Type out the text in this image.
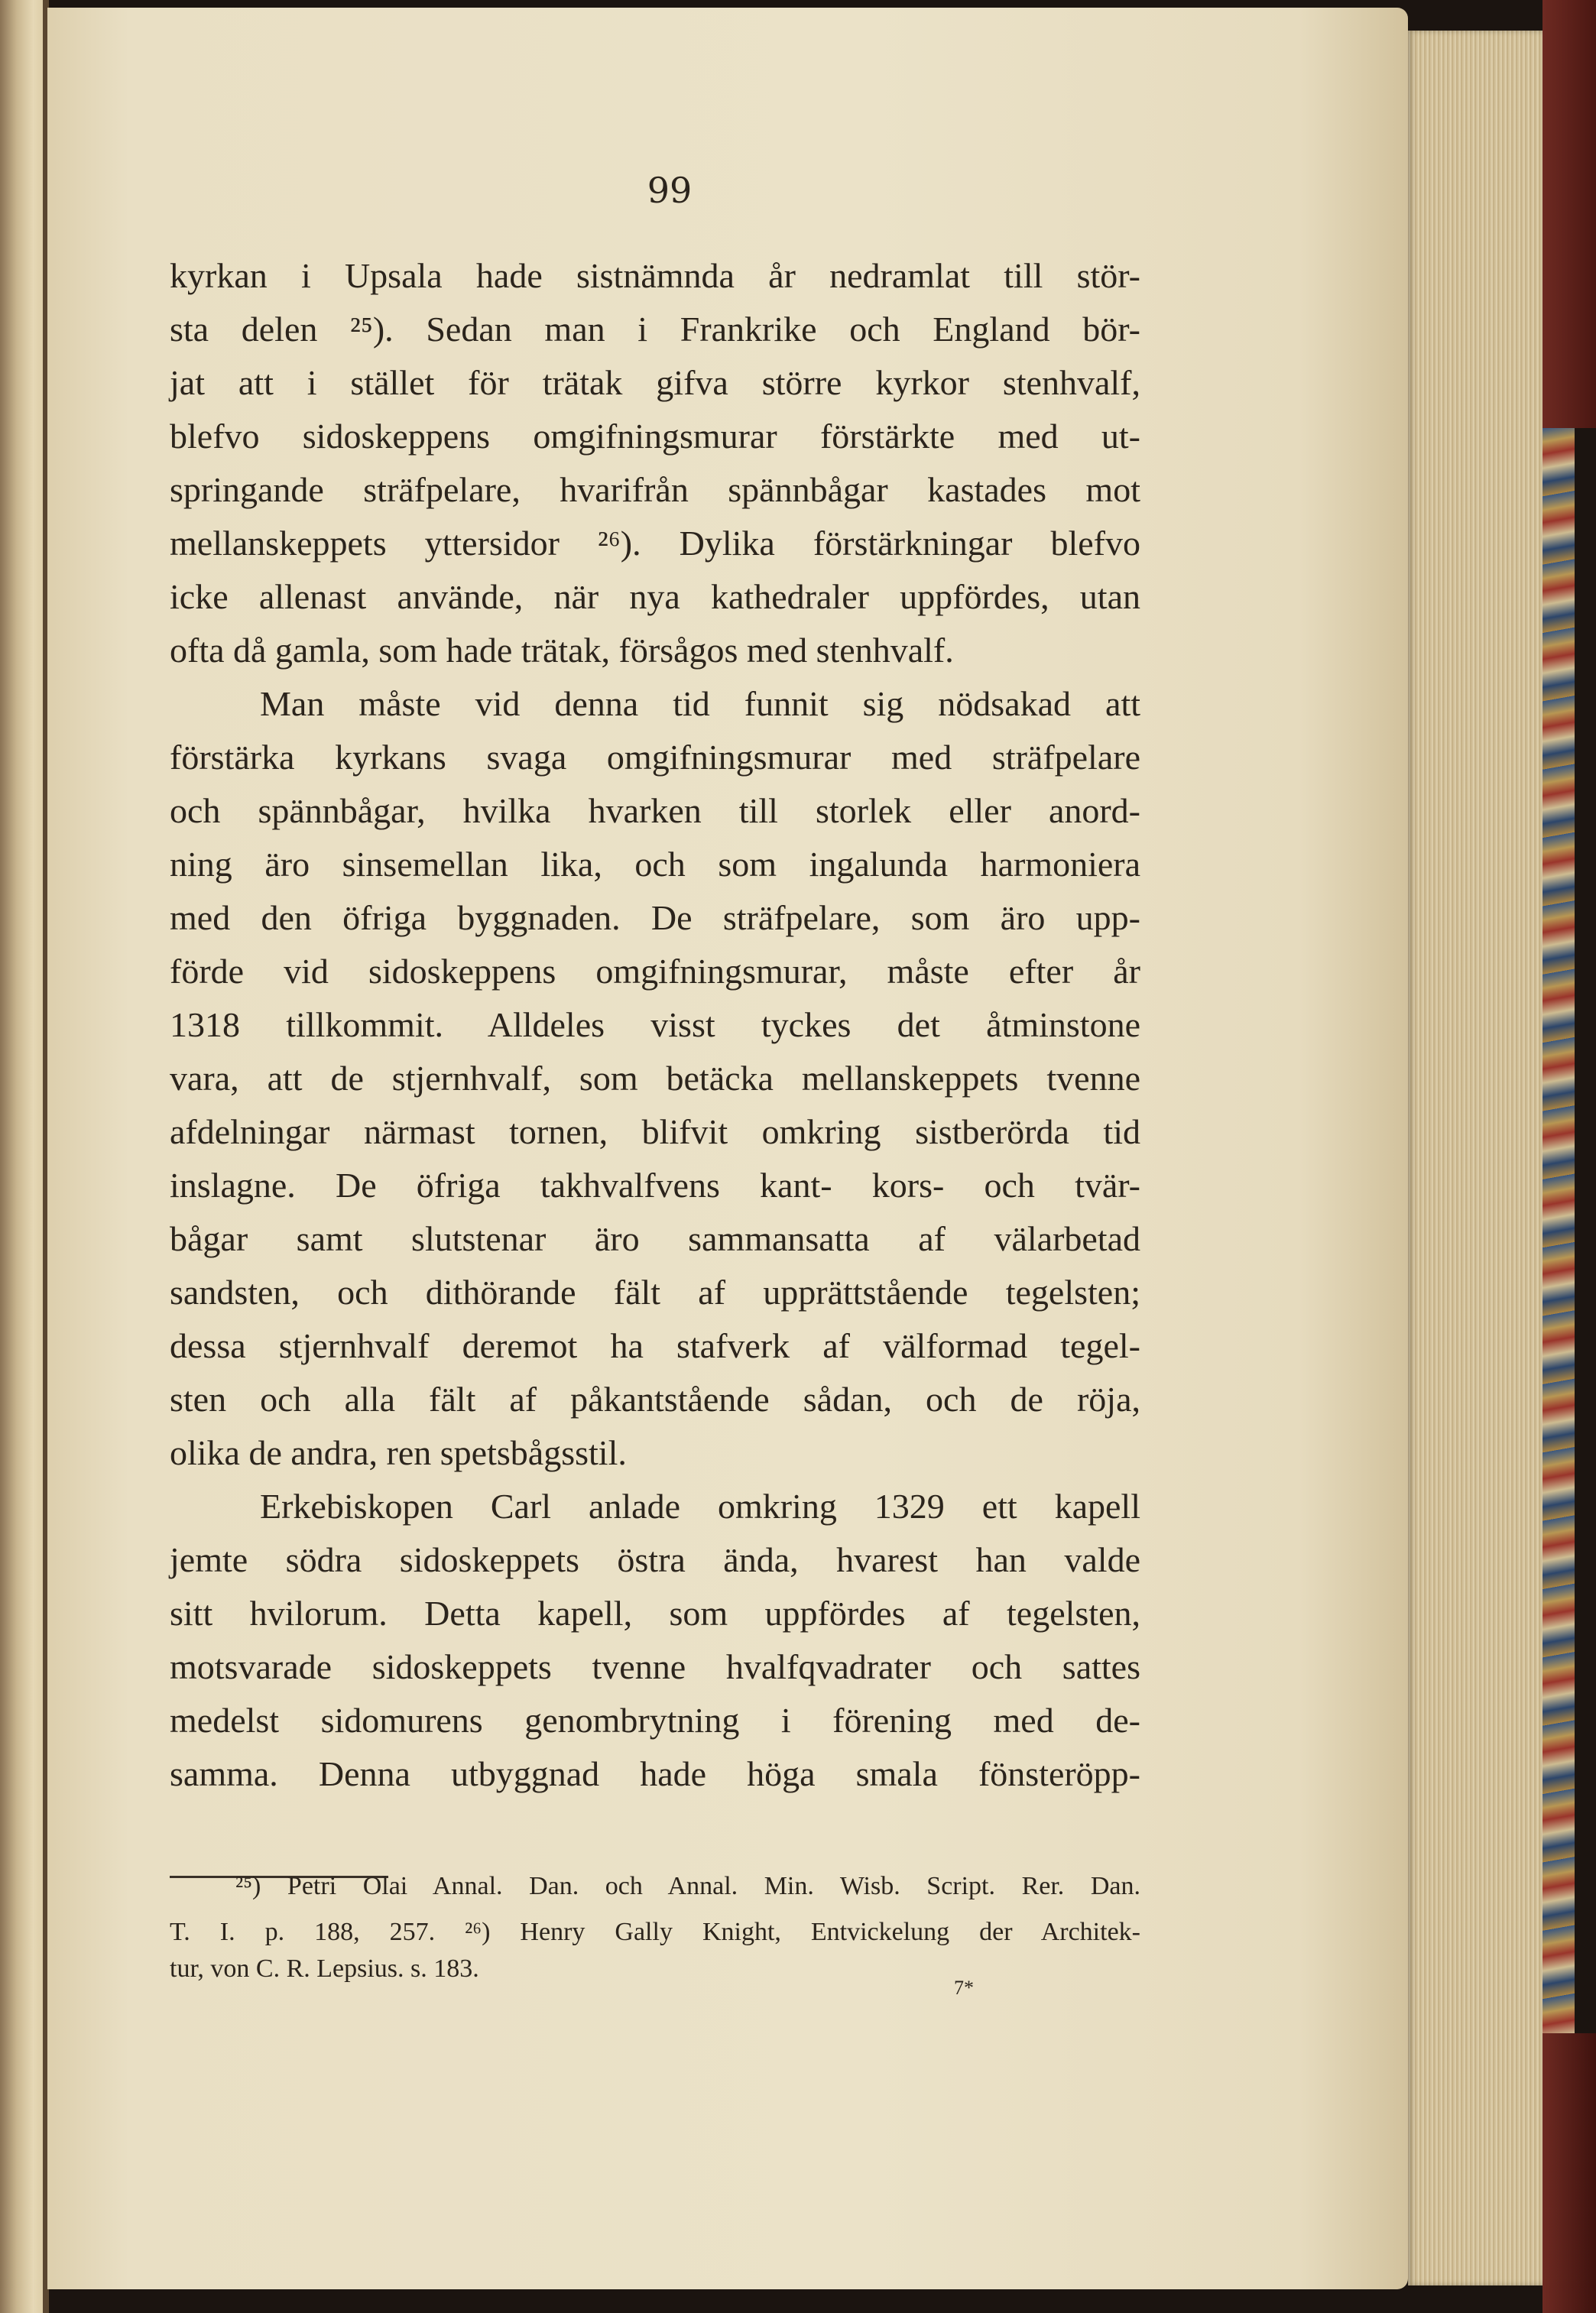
99
kyrkan i Upsala hade sistnämnda år nedramlat till stör-
sta delen ²⁵). Sedan man i Frankrike och England bör-
jat att i stället för trätak gifva större kyrkor stenhvalf,
blefvo sidoskeppens omgifningsmurar förstärkte med ut-
springande sträfpelare, hvarifrån spännbågar kastades mot
mellanskeppets yttersidor ²⁶). Dylika förstärkningar blefvo
icke allenast använde, när nya kathedraler uppfördes, utan
ofta då gamla, som hade trätak, försågos med stenhvalf.
Man måste vid denna tid funnit sig nödsakad att
förstärka kyrkans svaga omgifningsmurar med sträfpelare
och spännbågar, hvilka hvarken till storlek eller anord-
ning äro sinsemellan lika, och som ingalunda harmoniera
med den öfriga byggnaden. De sträfpelare, som äro upp-
förde vid sidoskeppens omgifningsmurar, måste efter år
1318 tillkommit. Alldeles visst tyckes det åtminstone
vara, att de stjernhvalf, som betäcka mellanskeppets tvenne
afdelningar närmast tornen, blifvit omkring sistberörda tid
inslagne. De öfriga takhvalfvens kant- kors- och tvär-
bågar samt slutstenar äro sammansatta af välarbetad
sandsten, och dithörande fält af upprättstående tegelsten;
dessa stjernhvalf deremot ha stafverk af välformad tegel-
sten och alla fält af påkantstående sådan, och de röja,
olika de andra, ren spetsbågsstil.
Erkebiskopen Carl anlade omkring 1329 ett kapell
jemte södra sidoskeppets östra ända, hvarest han valde
sitt hvilorum. Detta kapell, som uppfördes af tegelsten,
motsvarade sidoskeppets tvenne hvalfqvadrater och sattes
medelst sidomurens genombrytning i förening med de-
samma. Denna utbyggnad hade höga smala fönsteröpp-
²⁵) Petri Olai Annal. Dan. och Annal. Min. Wisb. Script. Rer. Dan.
T. I. p. 188, 257. ²⁶) Henry Gally Knight, Entvickelung der Architek-
tur, von C. R. Lepsius. s. 183.
7*
